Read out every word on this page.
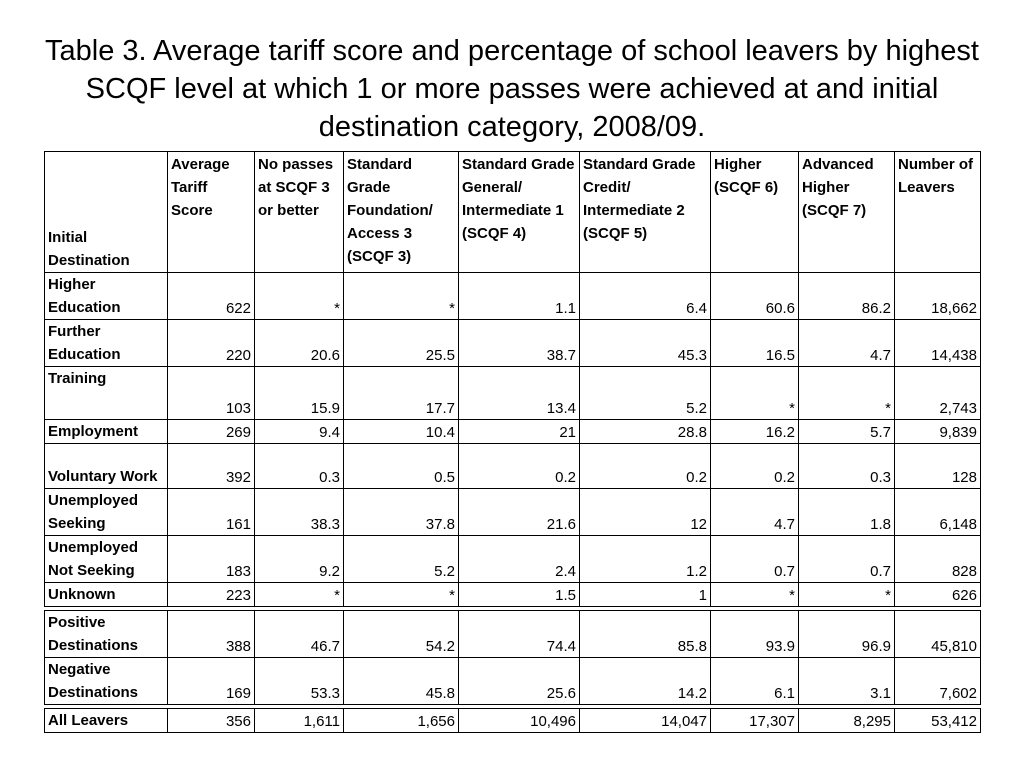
Table 3. Average tariff score and percentage of school leavers by highest SCQF level at which 1 or more passes were achieved at and initial destination category, 2008/09.
Initial Destination	Average Tariff Score	No passes at SCQF 3 or better	Standard Grade Foundation/ Access 3 (SCQF 3)	Standard Grade General/ Intermediate 1 (SCQF 4)	Standard Grade Credit/ Intermediate 2 (SCQF 5)	Higher (SCQF 6)	Advanced Higher (SCQF 7)	Number of Leavers
Higher Education	622	*	*	1.1	6.4	60.6	86.2	18,662
Further Education	220	20.6	25.5	38.7	45.3	16.5	4.7	14,438
Training	103	15.9	17.7	13.4	5.2	*	*	2,743
Employment	269	9.4	10.4	21	28.8	16.2	5.7	9,839
Voluntary Work	392	0.3	0.5	0.2	0.2	0.2	0.3	128
Unemployed Seeking	161	38.3	37.8	21.6	12	4.7	1.8	6,148
Unemployed Not Seeking	183	9.2	5.2	2.4	1.2	0.7	0.7	828
Unknown	223	*	*	1.5	1	*	*	626

Positive Destinations	388	46.7	54.2	74.4	85.8	93.9	96.9	45,810
Negative Destinations	169	53.3	45.8	25.6	14.2	6.1	3.1	7,602

All Leavers	356	1,611	1,656	10,496	14,047	17,307	8,295	53,412
